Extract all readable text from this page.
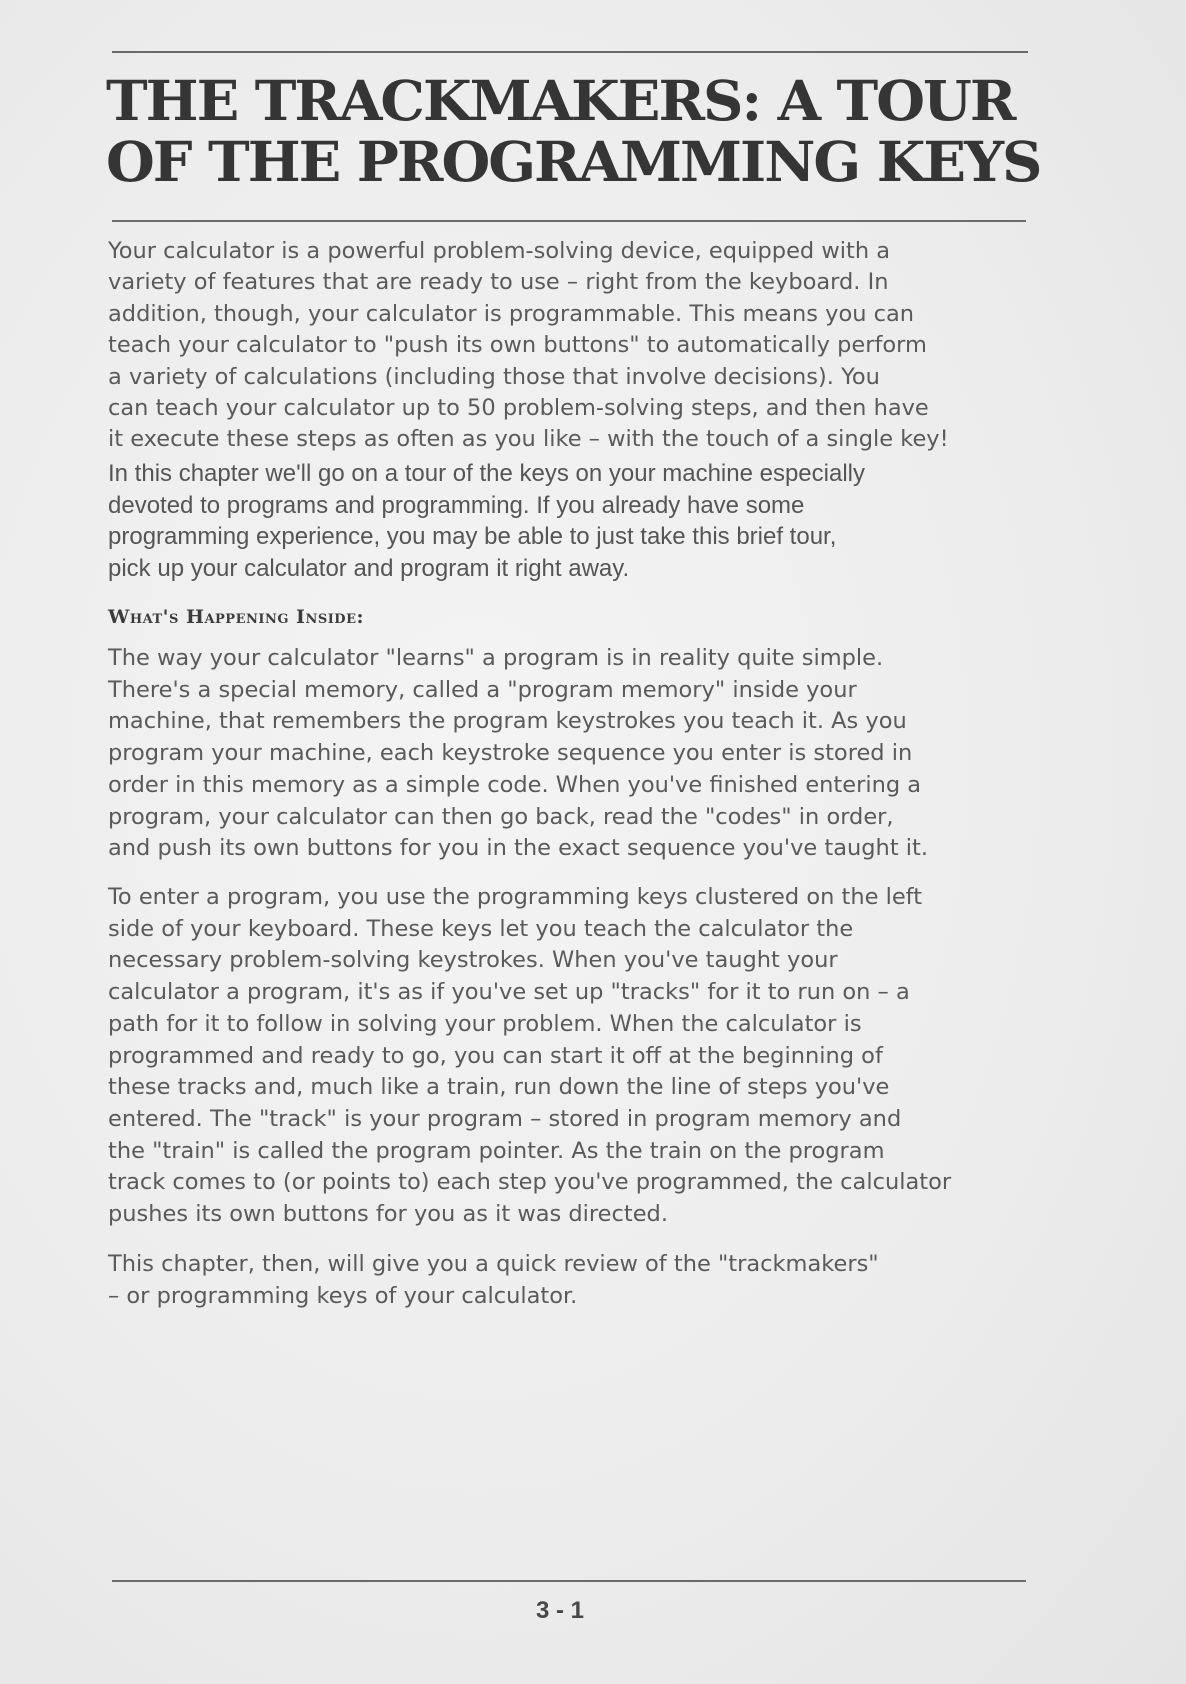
THE TRACKMAKERS: A TOUR
OF THE PROGRAMMING KEYS

Your calculator is a powerful problem-solving device, equipped with a
variety of features that are ready to use – right from the keyboard. In
addition, though, your calculator is programmable. This means you can
teach your calculator to "push its own buttons" to automatically perform
a variety of calculations (including those that involve decisions). You
can teach your calculator up to 50 problem-solving steps, and then have
it execute these steps as often as you like – with the touch of a single key!

In this chapter we'll go on a tour of the keys on your machine especially
devoted to programs and programming. If you already have some
programming experience, you may be able to just take this brief tour,
pick up your calculator and program it right away.

What's Happening Inside:

The way your calculator "learns" a program is in reality quite simple.
There's a special memory, called a "program memory" inside your
machine, that remembers the program keystrokes you teach it. As you
program your machine, each keystroke sequence you enter is stored in
order in this memory as a simple code. When you've finished entering a
program, your calculator can then go back, read the "codes" in order,
and push its own buttons for you in the exact sequence you've taught it.

To enter a program, you use the programming keys clustered on the left
side of your keyboard. These keys let you teach the calculator the
necessary problem-solving keystrokes. When you've taught your
calculator a program, it's as if you've set up "tracks" for it to run on – a
path for it to follow in solving your problem. When the calculator is
programmed and ready to go, you can start it off at the beginning of
these tracks and, much like a train, run down the line of steps you've
entered. The "track" is your program – stored in program memory and
the "train" is called the program pointer. As the train on the program
track comes to (or points to) each step you've programmed, the calculator
pushes its own buttons for you as it was directed.

This chapter, then, will give you a quick review of the "trackmakers"
– or programming keys of your calculator.

3 - 1
